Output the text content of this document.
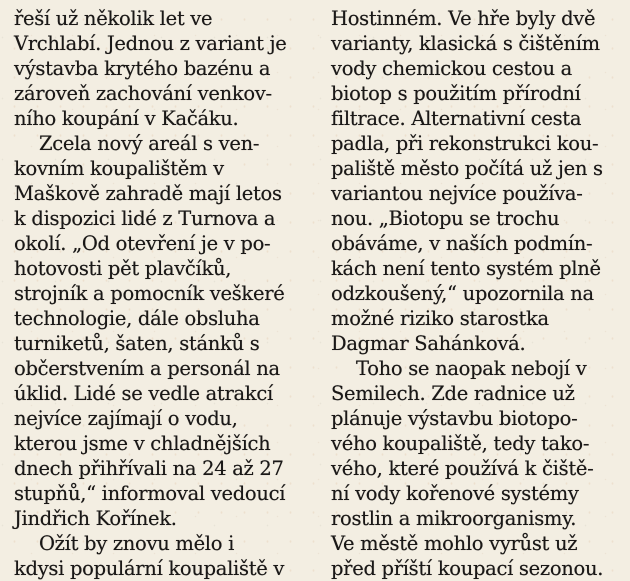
řeší už několik let ve
Vrchlabí. Jednou z variant je
výstavba krytého bazénu a
zároveň zachování venkov-
ního koupání v Kačáku.
Zcela nový areál s ven-
kovním koupalištěm v
Maškově zahradě mají letos
k dispozici lidé z Turnova a
okolí. „Od otevření je v po-
hotovosti pět plavčíků,
strojník a pomocník veškeré
technologie, dále obsluha
turniketů, šaten, stánků s
občerstvením a personál na
úklid. Lidé se vedle atrakcí
nejvíce zajímají o vodu,
kterou jsme v chladnějších
dnech přihřívali na 24 až 27
stupňů,“ informoval vedoucí
Jindřich Kořínek.
Ožít by znovu mělo i
kdysi populární koupaliště v
Hostinném. Ve hře byly dvě
varianty, klasická s čištěním
vody chemickou cestou a
biotop s použitím přírodní
filtrace. Alternativní cesta
padla, při rekonstrukci kou-
paliště město počítá už jen s
variantou nejvíce používa-
nou. „Biotopu se trochu
obáváme, v naších podmín-
kách není tento systém plně
odzkoušený,“ upozornila na
možné riziko starostka
Dagmar Sahánková.
Toho se naopak nebojí v
Semilech. Zde radnice už
plánuje výstavbu biotopo-
vého koupaliště, tedy tako-
vého, které používá k čiště-
ní vody kořenové systémy
rostlin a mikroorganismy.
Ve městě mohlo vyrůst už
před příští koupací sezonou.
